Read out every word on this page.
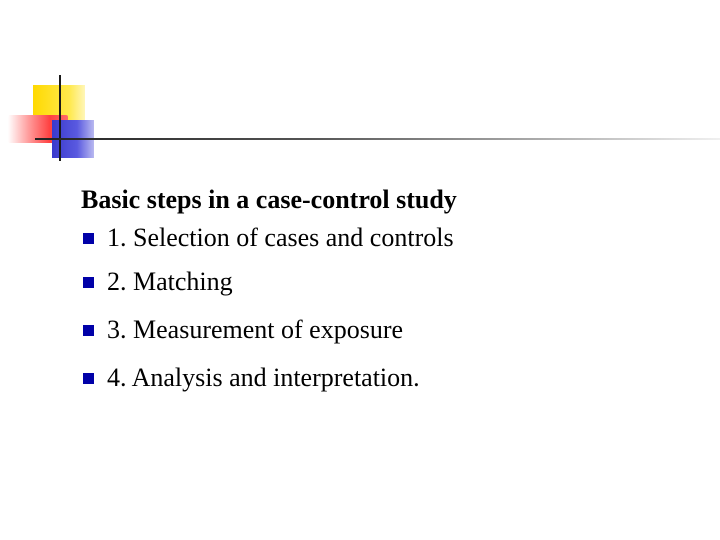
Basic steps in a case-control study
1. Selection of cases and controls
2. Matching
3. Measurement of exposure
4. Analysis and interpretation.
